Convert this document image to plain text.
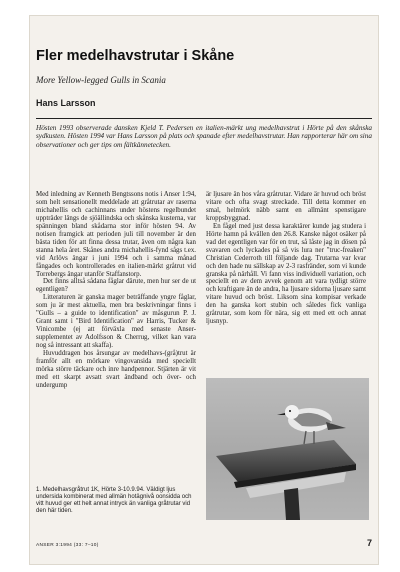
Fler medelhavstrutar i Skåne
More Yellow-legged Gulls in Scania
Hans Larsson
Hösten 1993 observerade dansken Kjeld T. Pedersen en italien-märkt ung medelhavstrut i Hörte på den skånska sydkusten. Hösten 1994 var Hans Larsson på plats och spanade efter medelhavstrutar. Han rapporterar här om sina observationer och ger tips om fältkännetecken.

Med inledning av Kenneth Bengtssons notis i Anser 1:94, som helt sensationellt meddelade att gråtrutar av raserna michahellis och cachinnans under höstens regelbundet uppträder längs de sjöällindska och skånska kusterna, var spänningen bland skådarna stor inför hösten 94. Av notisen framgick att perioden juli till november är den bästa tiden för att finna dessa trutar, även om några kan stanna hela året. Skånes andra michahellis-fynd sågs t.ex. vid Arlövs ängar i juni 1994 och i samma månad fångades och kontrollerades en italien-märkt gråtrut vid Torrebergs ängar utanför Staffanstorp.

Det finns alltså sådana fåglar därute, men hur ser de ut egentligen?

Litteraturen är ganska mager beträffande yngre fåglar, som ju är mest aktuella, men bra beskrivningar finns i "Gulls – a guide to identification" av måsgurun P. J. Grant samt i "Bird Identification" av Harris, Tucker & Vinicombe (ej att förväxla med senaste Anser-supplementet av Adolfsson & Cherrug, vilket kan vara nog så intressant att skaffa).

Huvuddragen hos årsungar av medelhavs-(grå)trut är framför allt en mörkare vingovansida med speciellt mörka större täckare och inre handpennor. Stjärten är vit med ett skarpt avsatt svart ändband och över- och undergump

är ljusare än hos våra gråtrutar. Vidare är huvud och bröst vitare och ofta svagt streckade. Till detta kommer en smal, helmörk näbb samt en allmänt spenstigare kroppsbyggnad.

En fågel med just dessa karaktärer kunde jag studera i Hörte hamn på kvällen den 26.8. Kanske något osäker på vad det egentligen var för en trut, så låste jag in dösen på svavaren och lyckades på så vis lura ner "truc-freaken" Christian Cederroth till följande dag. Trutarna var kvar och den hade nu sällskap av 2-3 rasfränder, som vi kunde granska på närhåll. Vi fann viss individuell variation, och speciellt en av dem avvek genom att vara tydligt större och kraftigare än de andra, ha ljusare sidorna ljusare samt vitare huvud och bröst. Liksom sina kompisar verkade den ha ganska kort stubin och således fick vanliga gråtrutar, som kom för nära, sig ett med ett och annat ljusnyp.

1. Medelhavsgråtrut 1K, Hörte 3-10.9.94. Väldigt ljus undersida kombinerat med allmän hotägnivå oonsidda och vitt huvud ger ett helt annat intryck än vanliga gråtrutar vid den här tiden.
ANSER 3:1994 (33: 7–10)	7
